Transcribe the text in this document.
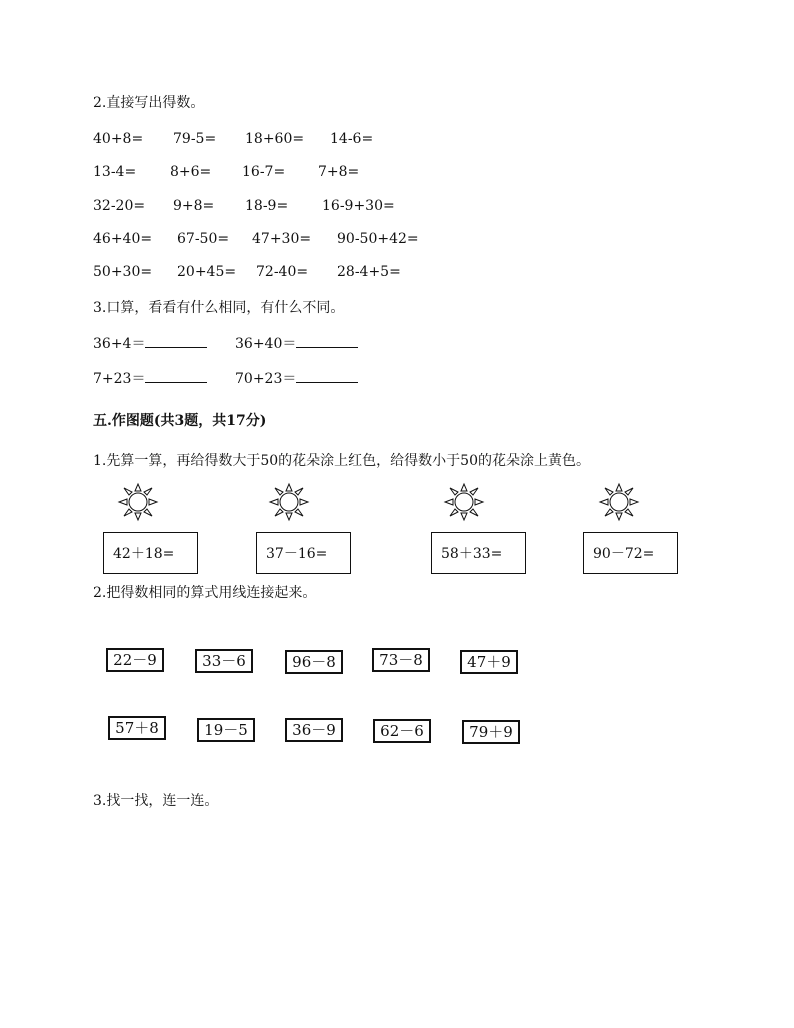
2.直接写出得数。
40+8= 79-5= 18+60= 14-6=
13-4= 8+6= 16-7= 7+8=
32-20= 9+8= 18-9= 16-9+30=
46+40= 67-50= 47+30= 90-50+42=
50+30= 20+45= 72-40= 28-4+5=
3.口算，看看有什么相同，有什么不同。
36+4＝	36+40＝
7+23＝	70+23＝
五.作图题(共3题，共17分)
1.先算一算，再给得数大于50的花朵涂上红色，给得数小于50的花朵涂上黄色。
42＋18=	37－16=	58＋33=	90－72=
2.把得数相同的算式用线连接起来。
22－9	33－6	96－8	73－8	47＋9
57＋8	19－5	36－9	62－6	79＋9
3.找一找，连一连。
